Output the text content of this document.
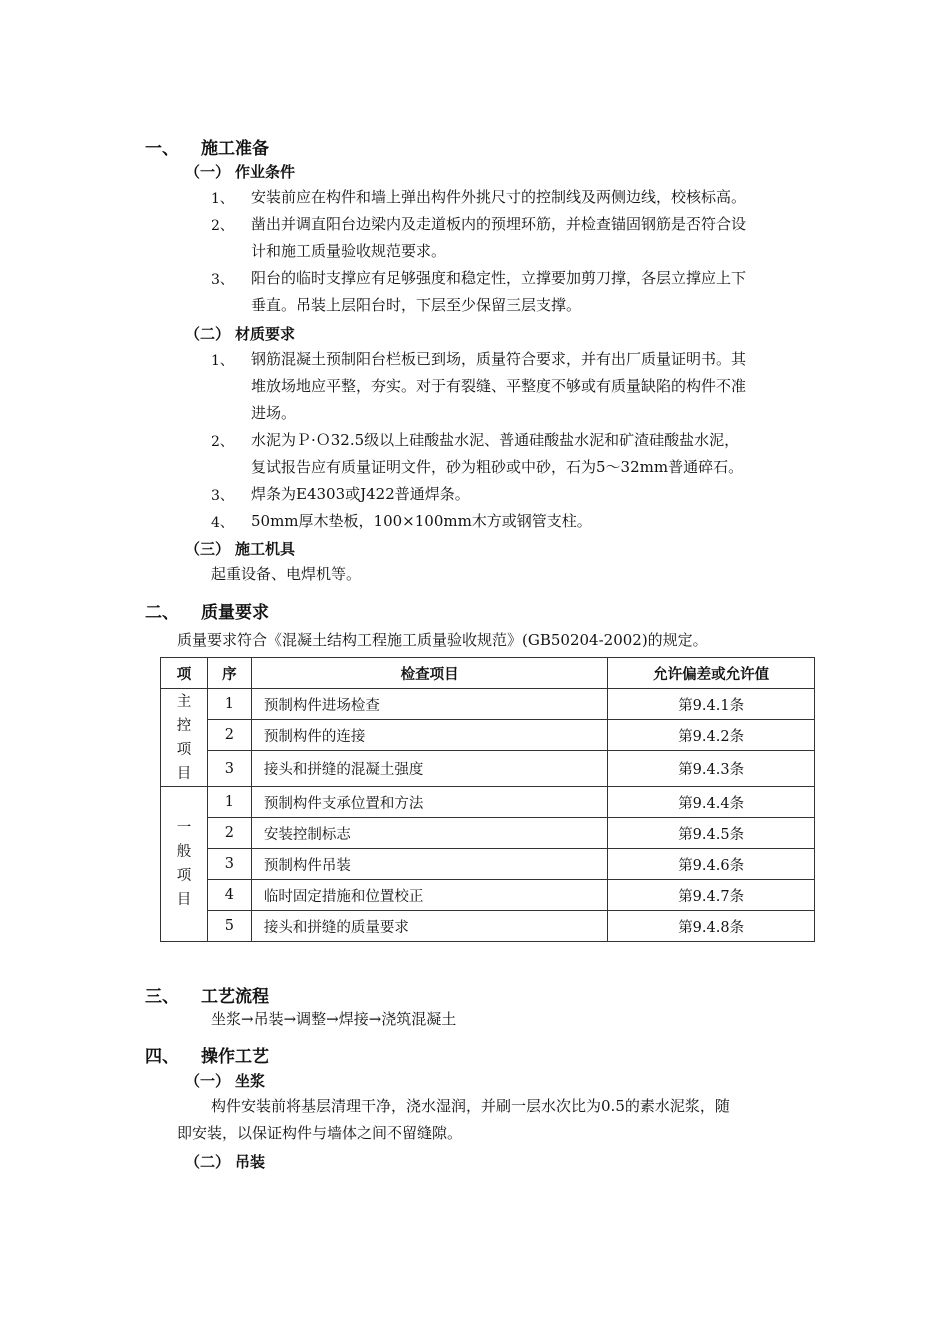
一、 施工准备
（一） 作业条件
1、 安装前应在构件和墙上弹出构件外挑尺寸的控制线及两侧边线，校核标高。
2、 凿出并调直阳台边梁内及走道板内的预埋环筋，并检查锚固钢筋是否符合设
计和施工质量验收规范要求。
3、 阳台的临时支撑应有足够强度和稳定性，立撑要加剪刀撑，各层立撑应上下
垂直。吊装上层阳台时，下层至少保留三层支撑。
（二） 材质要求
1、 钢筋混凝土预制阳台栏板已到场，质量符合要求，并有出厂质量证明书。其
堆放场地应平整，夯实。对于有裂缝、平整度不够或有质量缺陷的构件不准
进场。
2、 水泥为Ｐ·Ｏ32.5级以上硅酸盐水泥、普通硅酸盐水泥和矿渣硅酸盐水泥，
复试报告应有质量证明文件，砂为粗砂或中砂，石为5～32mm普通碎石。
3、 焊条为E4303或J422普通焊条。
4、 50mm厚木垫板，100×100mm木方或钢管支柱。
（三） 施工机具
起重设备、电焊机等。
二、 质量要求
质量要求符合《混凝土结构工程施工质量验收规范》(GB50204-2002)的规定。
项	序	检查项目	允许偏差或允许值

主
控
项
目	1	预制构件进场检查	第9.4.1条
	2	预制构件的连接	第9.4.2条
	3	接头和拼缝的混凝土强度	第9.4.3条

一
般
项
目	1	预制构件支承位置和方法	第9.4.4条
	2	安装控制标志	第9.4.5条
	3	预制构件吊装	第9.4.6条
	4	临时固定措施和位置校正	第9.4.7条
	5	接头和拼缝的质量要求	第9.4.8条
三、 工艺流程
坐浆→吊装→调整→焊接→浇筑混凝土
四、 操作工艺
（一） 坐浆
构件安装前将基层清理干净，浇水湿润，并刷一层水次比为0.5的素水泥浆，随
即安装，以保证构件与墙体之间不留缝隙。
（二） 吊装
